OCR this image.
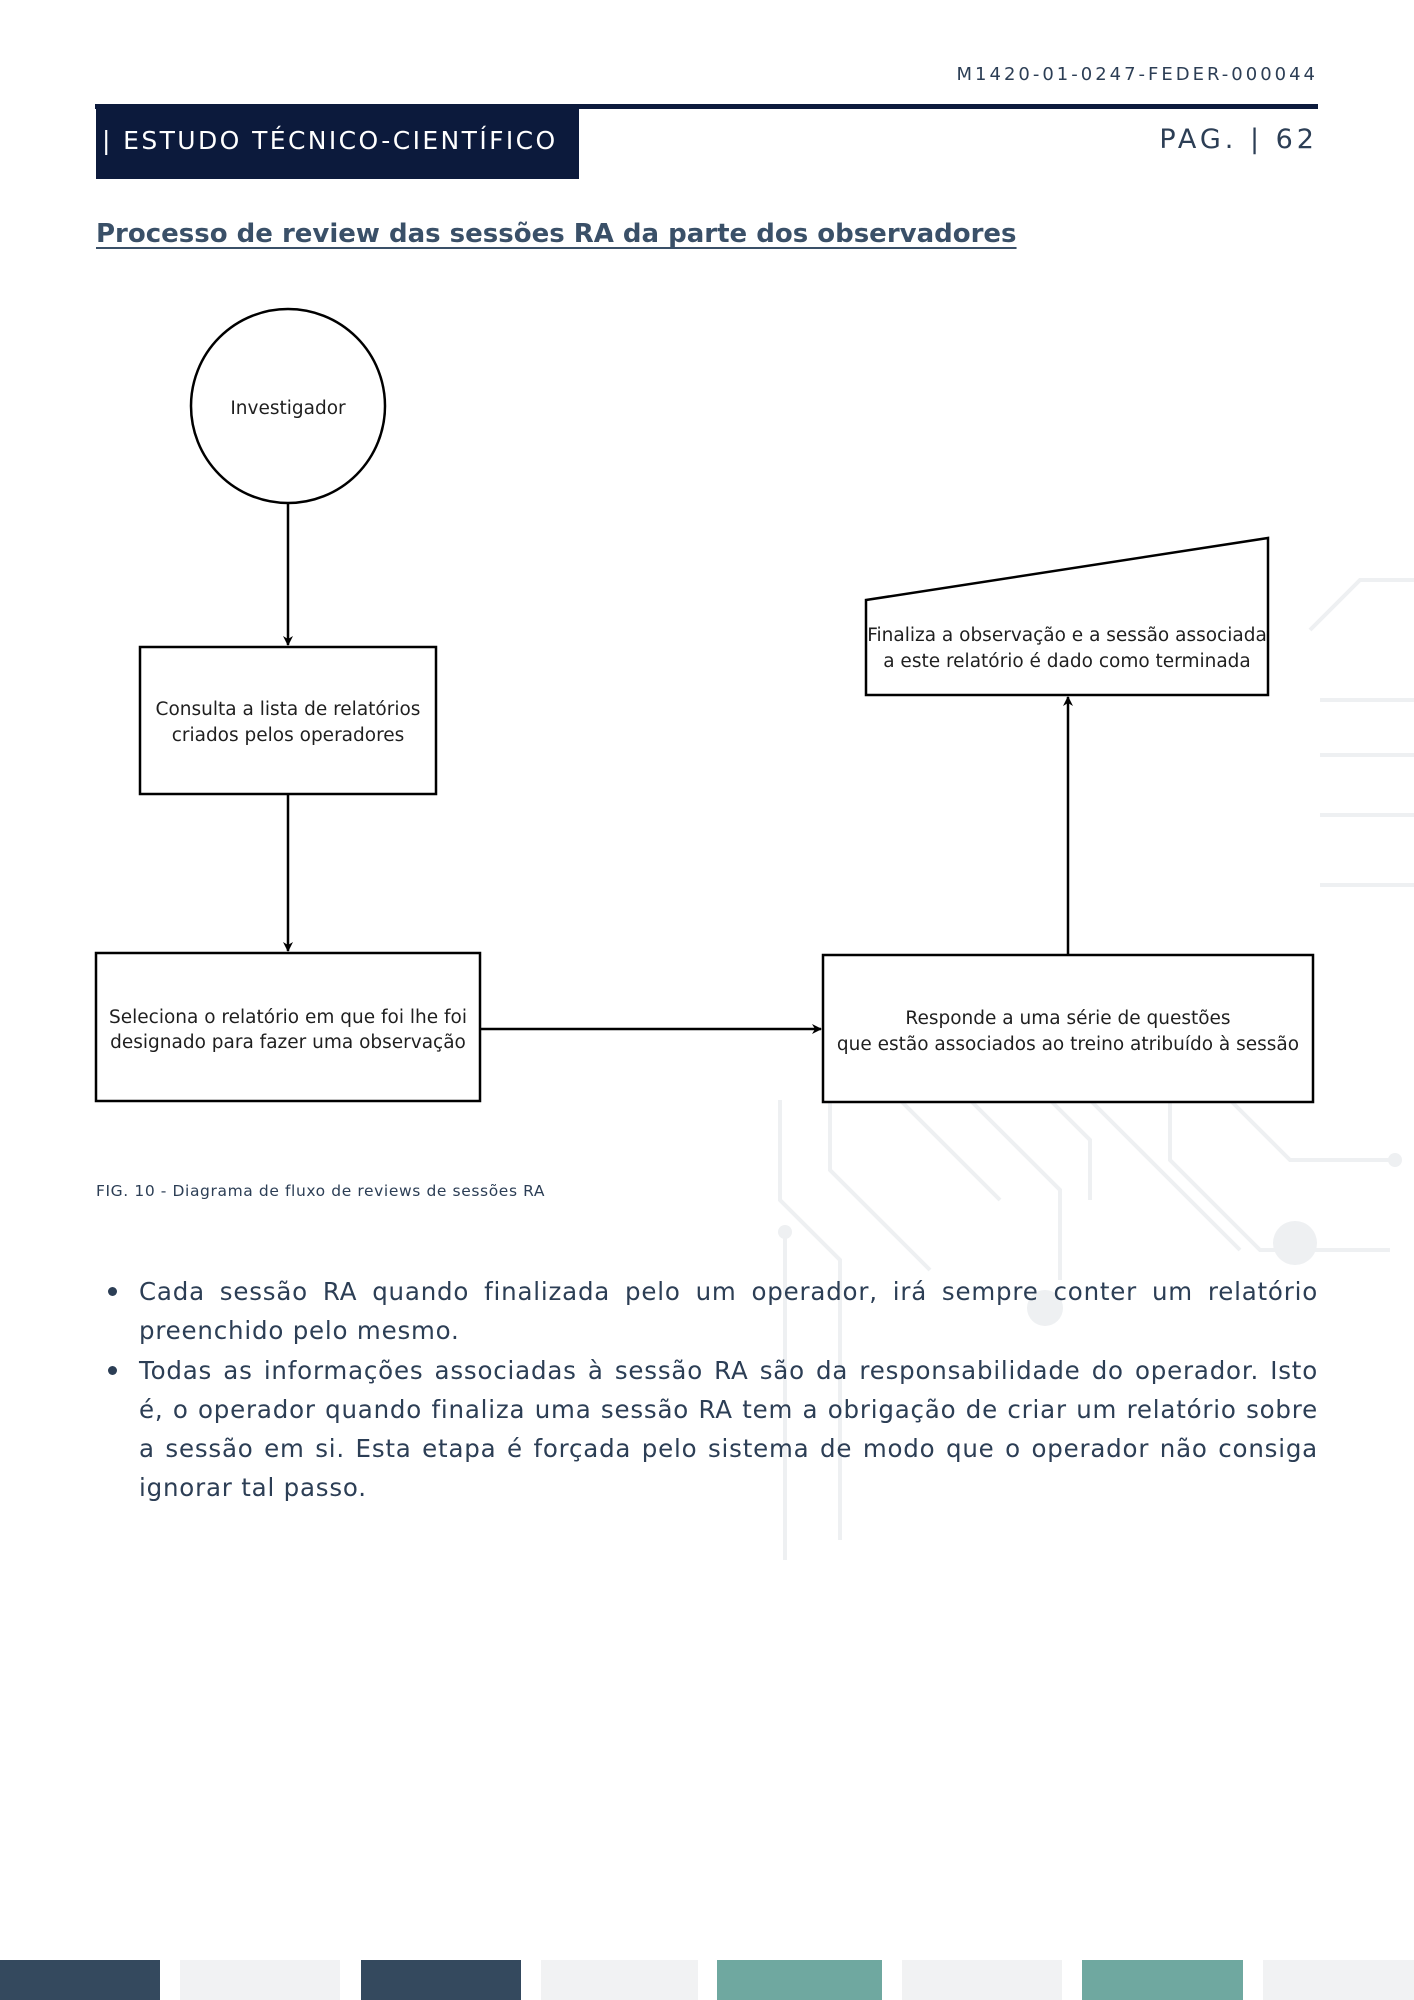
M1420-01-0247-FEDER-000044
| ESTUDO TÉCNICO-CIENTÍFICO	PAG. | 62
Processo de review das sessões RA da parte dos observadores
Investigador
Consulta a lista de relatórios
criados pelos operadores
Seleciona o relatório em que foi lhe foi
designado para fazer uma observação
Responde a uma série de questões
que estão associados ao treino atribuído à sessão
Finaliza a observação e a sessão associada
a este relatório é dado como terminada
FIG. 10 - Diagrama de fluxo de reviews de sessões RA
Cada sessão RA quando finalizada pelo um operador, irá sempre conter um relatório preenchido pelo mesmo.
Todas as informações associadas à sessão RA são da responsabilidade do operador. Isto é, o operador quando finaliza uma sessão RA tem a obrigação de criar um relatório sobre a sessão em si. Esta etapa é forçada pelo sistema de modo que o operador não consiga ignorar tal passo.
